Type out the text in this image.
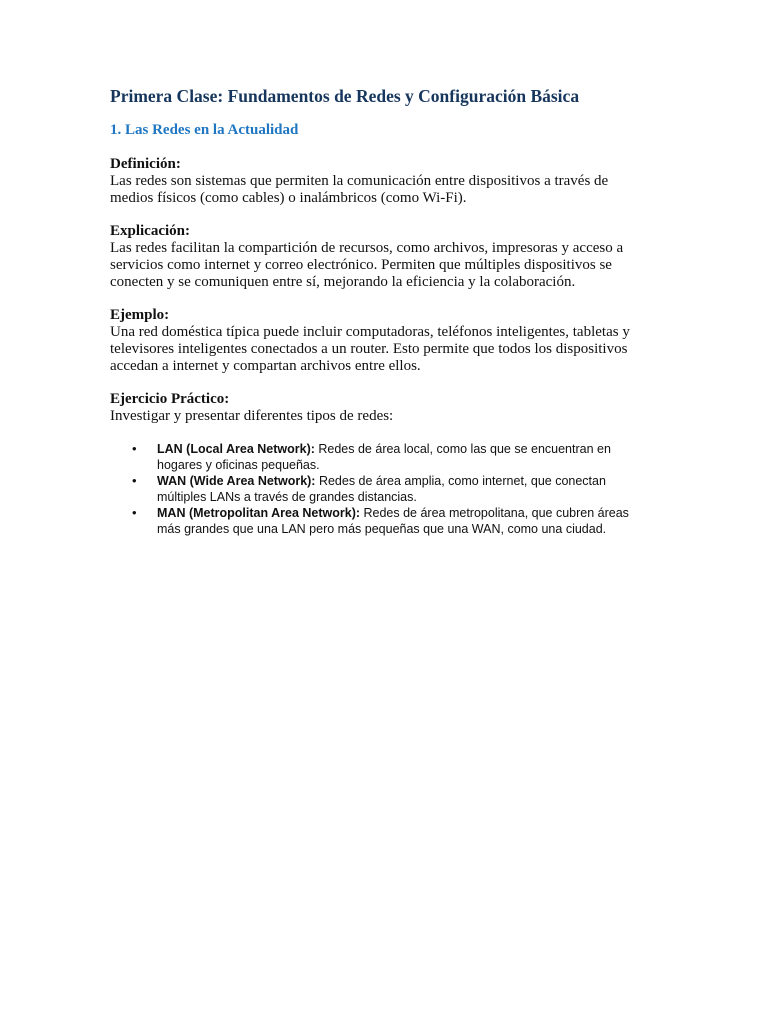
Primera Clase: Fundamentos de Redes y Configuración Básica
1. Las Redes en la Actualidad
Definición:
Las redes son sistemas que permiten la comunicación entre dispositivos a través de medios físicos (como cables) o inalámbricos (como Wi-Fi).
Explicación:
Las redes facilitan la compartición de recursos, como archivos, impresoras y acceso a servicios como internet y correo electrónico. Permiten que múltiples dispositivos se conecten y se comuniquen entre sí, mejorando la eficiencia y la colaboración.
Ejemplo:
Una red doméstica típica puede incluir computadoras, teléfonos inteligentes, tabletas y televisores inteligentes conectados a un router. Esto permite que todos los dispositivos accedan a internet y compartan archivos entre ellos.
Ejercicio Práctico:
Investigar y presentar diferentes tipos de redes:
• LAN (Local Area Network): Redes de área local, como las que se encuentran en hogares y oficinas pequeñas.
• WAN (Wide Area Network): Redes de área amplia, como internet, que conectan múltiples LANs a través de grandes distancias.
• MAN (Metropolitan Area Network): Redes de área metropolitana, que cubren áreas más grandes que una LAN pero más pequeñas que una WAN, como una ciudad.
